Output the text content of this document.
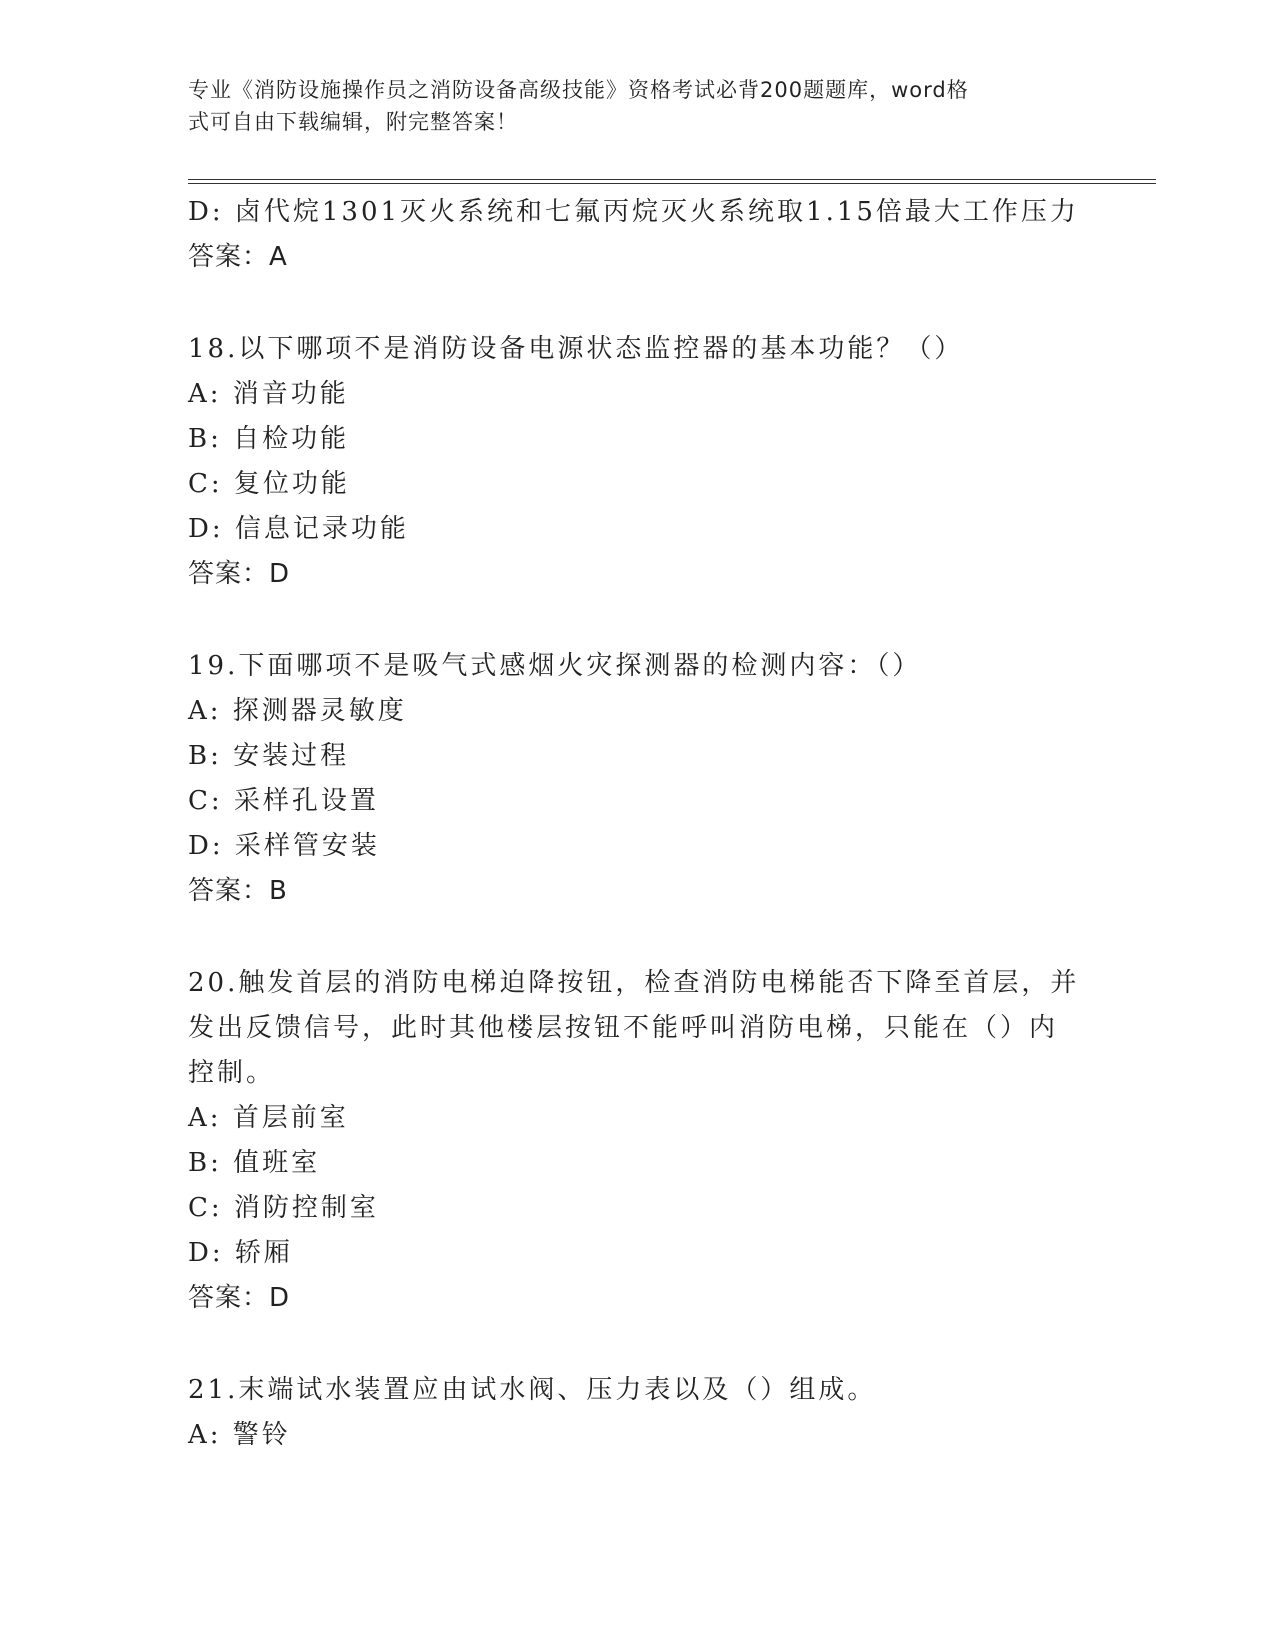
专业《消防设施操作员之消防设备高级技能》资格考试必背200题题库，word格
式可自由下载编辑，附完整答案！
D: 卤代烷1301灭火系统和七氟丙烷灭火系统取1.15倍最大工作压力
答案：A
18.以下哪项不是消防设备电源状态监控器的基本功能？（）
A: 消音功能
B: 自检功能
C: 复位功能
D: 信息记录功能
答案：D
19.下面哪项不是吸气式感烟火灾探测器的检测内容：（）
A: 探测器灵敏度
B: 安装过程
C: 采样孔设置
D: 采样管安装
答案：B
20.触发首层的消防电梯迫降按钮，检查消防电梯能否下降至首层，并
发出反馈信号，此时其他楼层按钮不能呼叫消防电梯，只能在（）内
控制。
A: 首层前室
B: 值班室
C: 消防控制室
D: 轿厢
答案：D
21.末端试水装置应由试水阀、压力表以及（）组成。
A: 警铃
